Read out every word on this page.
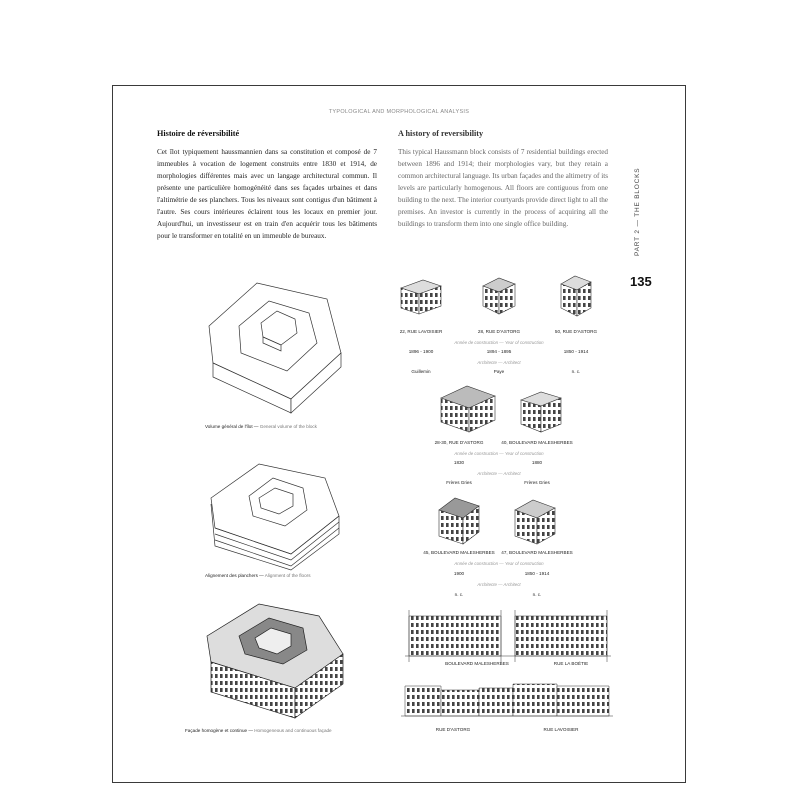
TYPOLOGICAL AND MORPHOLOGICAL ANALYSIS
PART 2 — THE BLOCKS
135
Histoire de réversibilité

Cet îlot typiquement haussmannien dans sa constitution et composé de 7 immeubles à vocation de logement construits entre 1830 et 1914, de morphologies différentes mais avec un langage architectural commun. Il présente une particulière homogénéité dans ses façades urbaines et dans l'altimétrie de ses planchers. Tous les niveaux sont contigus d'un bâtiment à l'autre. Ses cours intérieures éclairent tous les locaux en premier jour. Aujourd'hui, un investisseur est en train d'en acquérir tous les bâtiments pour le transformer en totalité en un immeuble de bureaux.

A history of reversibility

This typical Haussmann block consists of 7 residential buildings erected between 1896 and 1914; their morphologies vary, but they retain a common architectural language. Its urban façades and the altimetry of its levels are particularly homogenous. All floors are contiguous from one building to the next. The interior courtyards provide direct light to all the premises. An investor is currently in the process of acquiring all the buildings to transform them into one single office building.

Volume général de l'îlot — General volume of the block
Alignement des planchers — Alignment of the floors
Façade homogène et continue — Homogeneous and continuous façade
22, RUE LAVOISIER	28, RUE D'ASTORG	50, RUE D'ASTORG
Année de construction — Year of construction
1896 - 1900	1894 - 1895	1850 - 1914
Architecte — Architect
Guillemin	Paye	n. c.
28-30, RUE D'ASTORG	40, BOULEVARD MALESHERBES
Année de construction — Year of construction
1830	1880
Architecte — Architect
Frères Gries	Frères Gries
45, BOULEVARD MALESHERBES 47, BOULEVARD MALESHERBES
Année de construction — Year of construction
1900	1850 - 1914
Architecte — Architect
n. c.	n. c.
BOULEVARD MALESHERBES	RUE LA BOÉTIE
RUE D'ASTORG	RUE LAVOISIER
